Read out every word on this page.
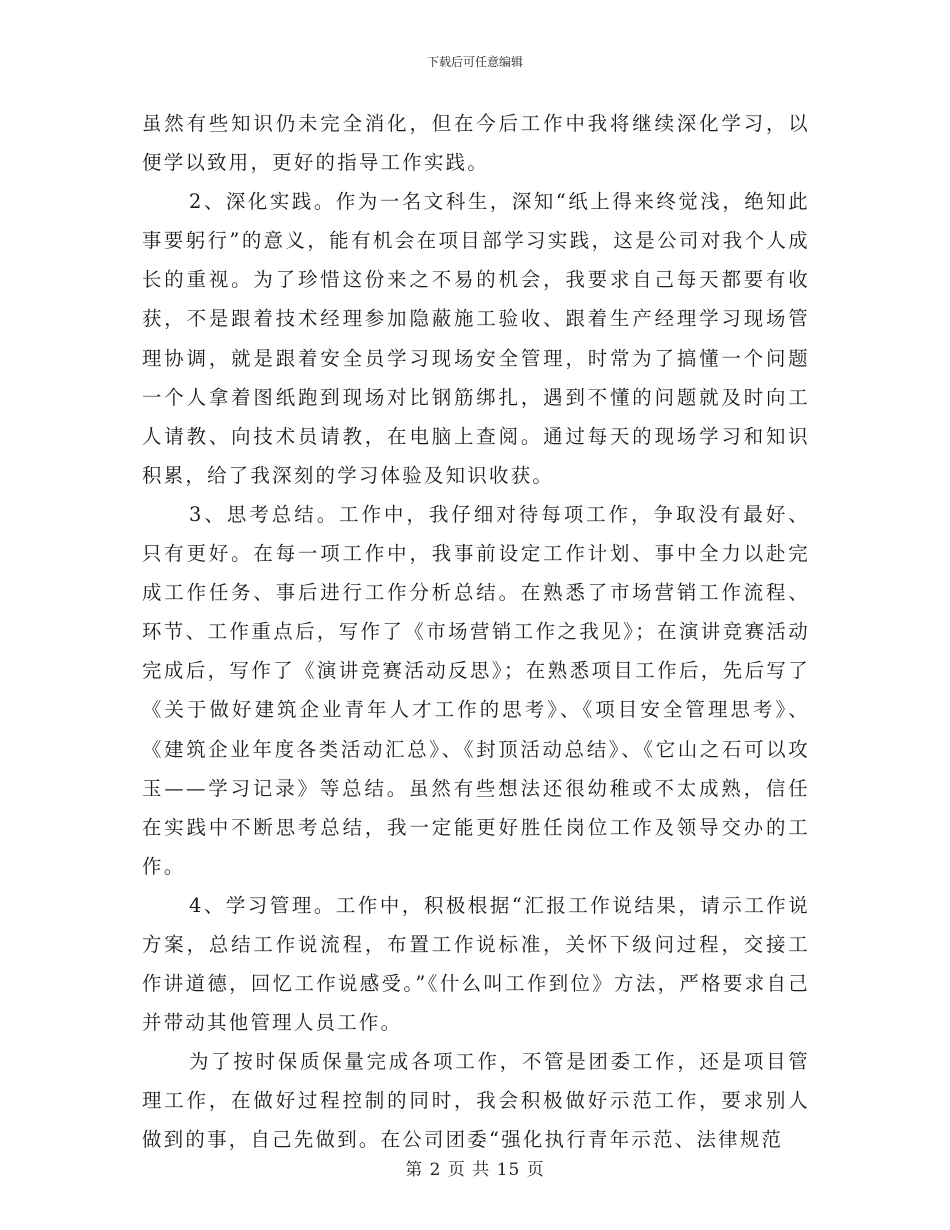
下载后可任意编辑

虽然有些知识仍未完全消化，但在今后工作中我将继续深化学习，以便学以致用，更好的指导工作实践。

2、深化实践。作为一名文科生，深知“纸上得来终觉浅，绝知此事要躬行”的意义，能有机会在项目部学习实践，这是公司对我个人成长的重视。为了珍惜这份来之不易的机会，我要求自己每天都要有收获，不是跟着技术经理参加隐蔽施工验收、跟着生产经理学习现场管理协调，就是跟着安全员学习现场安全管理，时常为了搞懂一个问题一个人拿着图纸跑到现场对比钢筋绑扎，遇到不懂的问题就及时向工人请教、向技术员请教，在电脑上查阅。通过每天的现场学习和知识积累，给了我深刻的学习体验及知识收获。

3、思考总结。工作中，我仔细对待每项工作，争取没有最好、只有更好。在每一项工作中，我事前设定工作计划、事中全力以赴完成工作任务、事后进行工作分析总结。在熟悉了市场营销工作流程、环节、工作重点后，写作了《市场营销工作之我见》；在演讲竞赛活动完成后，写作了《演讲竞赛活动反思》；在熟悉项目工作后，先后写了《关于做好建筑企业青年人才工作的思考》、《项目安全管理思考》、《建筑企业年度各类活动汇总》、《封顶活动总结》、《它山之石可以攻玉——学习记录》等总结。虽然有些想法还很幼稚或不太成熟，信任在实践中不断思考总结，我一定能更好胜任岗位工作及领导交办的工作。

4、学习管理。工作中，积极根据“汇报工作说结果，请示工作说方案，总结工作说流程，布置工作说标准，关怀下级问过程，交接工作讲道德，回忆工作说感受。”《什么叫工作到位》方法，严格要求自己并带动其他管理人员工作。

为了按时保质保量完成各项工作，不管是团委工作，还是项目管理工作，在做好过程控制的同时，我会积极做好示范工作，要求别人做到的事，自己先做到。在公司团委“强化执行青年示范、法律规范

第 2 页 共 15 页
